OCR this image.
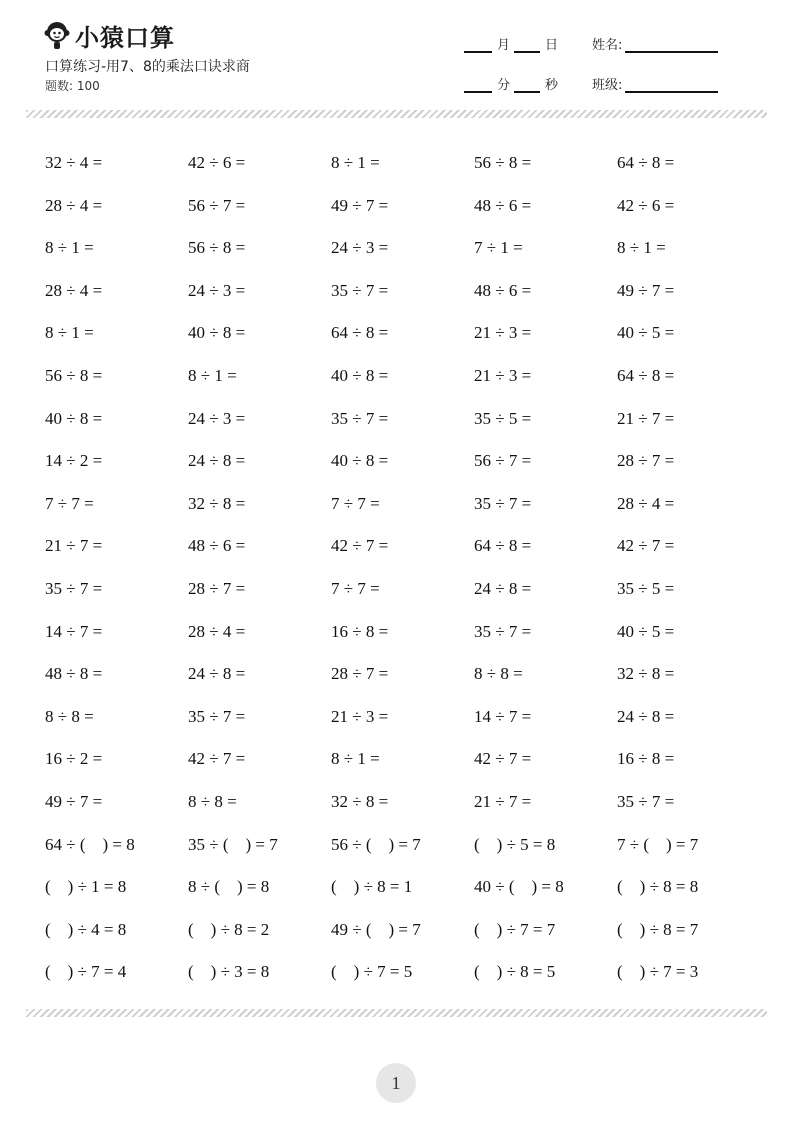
小猿口算
口算练习-用7、8的乘法口诀求商
题数: 100
月	日	姓名:
分	秒	班级:
32 ÷ 4 =	42 ÷ 6 =	8 ÷ 1 =	56 ÷ 8 =	64 ÷ 8 =
28 ÷ 4 =	56 ÷ 7 =	49 ÷ 7 =	48 ÷ 6 =	42 ÷ 6 =
8 ÷ 1 =	56 ÷ 8 =	24 ÷ 3 =	7 ÷ 1 =	8 ÷ 1 =
28 ÷ 4 =	24 ÷ 3 =	35 ÷ 7 =	48 ÷ 6 =	49 ÷ 7 =
8 ÷ 1 =	40 ÷ 8 =	64 ÷ 8 =	21 ÷ 3 =	40 ÷ 5 =
56 ÷ 8 =	8 ÷ 1 =	40 ÷ 8 =	21 ÷ 3 =	64 ÷ 8 =
40 ÷ 8 =	24 ÷ 3 =	35 ÷ 7 =	35 ÷ 5 =	21 ÷ 7 =
14 ÷ 2 =	24 ÷ 8 =	40 ÷ 8 =	56 ÷ 7 =	28 ÷ 7 =
7 ÷ 7 =	32 ÷ 8 =	7 ÷ 7 =	35 ÷ 7 =	28 ÷ 4 =
21 ÷ 7 =	48 ÷ 6 =	42 ÷ 7 =	64 ÷ 8 =	42 ÷ 7 =
35 ÷ 7 =	28 ÷ 7 =	7 ÷ 7 =	24 ÷ 8 =	35 ÷ 5 =
14 ÷ 7 =	28 ÷ 4 =	16 ÷ 8 =	35 ÷ 7 =	40 ÷ 5 =
48 ÷ 8 =	24 ÷ 8 =	28 ÷ 7 =	8 ÷ 8 =	32 ÷ 8 =
8 ÷ 8 =	35 ÷ 7 =	21 ÷ 3 =	14 ÷ 7 =	24 ÷ 8 =
16 ÷ 2 =	42 ÷ 7 =	8 ÷ 1 =	42 ÷ 7 =	16 ÷ 8 =
49 ÷ 7 =	8 ÷ 8 =	32 ÷ 8 =	21 ÷ 7 =	35 ÷ 7 =
64 ÷ (    ) = 8	35 ÷ (    ) = 7	56 ÷ (    ) = 7	(    ) ÷ 5 = 8	7 ÷ (    ) = 7
(    ) ÷ 1 = 8	8 ÷ (    ) = 8	(    ) ÷ 8 = 1	40 ÷ (    ) = 8	(    ) ÷ 8 = 8
(    ) ÷ 4 = 8	(    ) ÷ 8 = 2	49 ÷ (    ) = 7	(    ) ÷ 7 = 7	(    ) ÷ 8 = 7
(    ) ÷ 7 = 4	(    ) ÷ 3 = 8	(    ) ÷ 7 = 5	(    ) ÷ 8 = 5	(    ) ÷ 7 = 3
1
